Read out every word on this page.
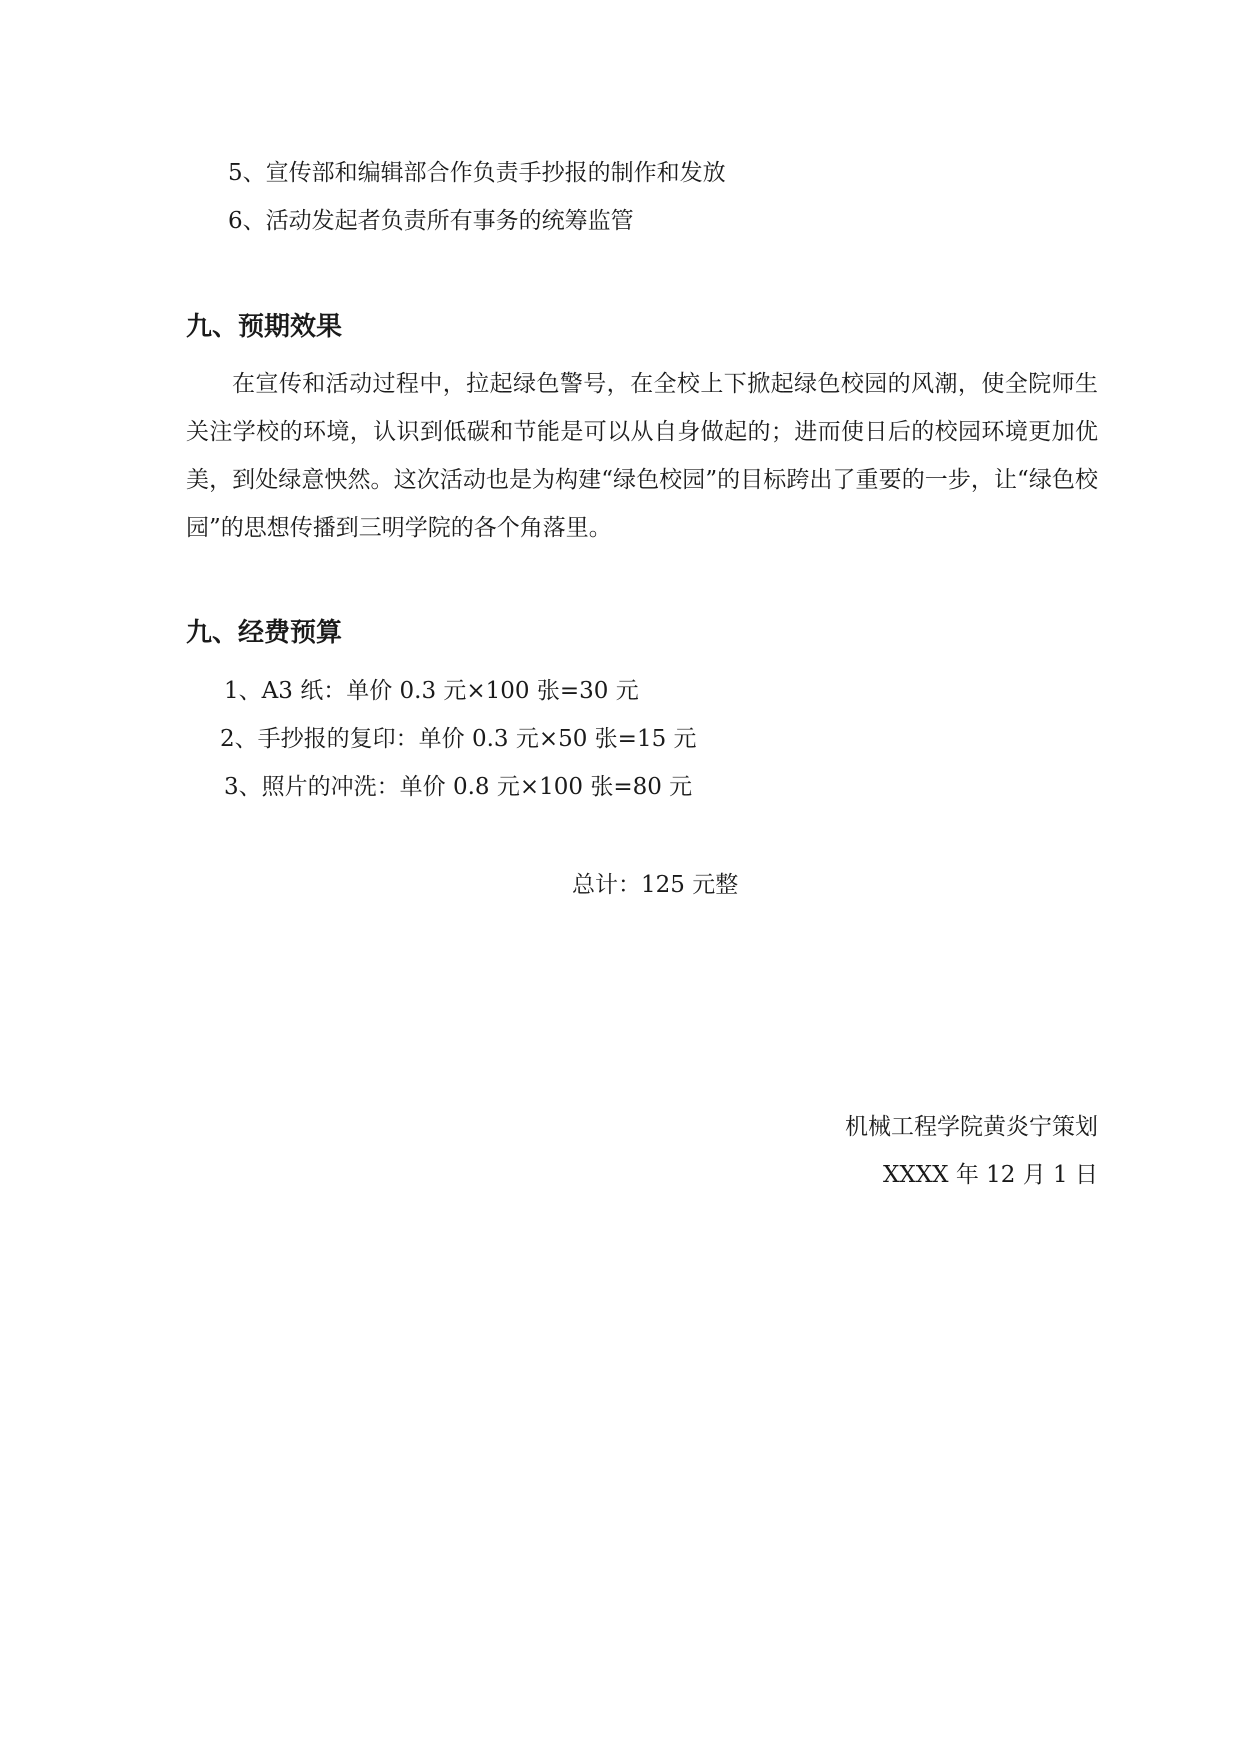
5、宣传部和编辑部合作负责手抄报的制作和发放
6、活动发起者负责所有事务的统筹监管
九、预期效果
在宣传和活动过程中，拉起绿色警号，在全校上下掀起绿色校园的风潮，使全院师生关注学校的环境，认识到低碳和节能是可以从自身做起的；进而使日后的校园环境更加优美，到处绿意怏然。这次活动也是为构建“绿色校园”的目标跨出了重要的一步，让“绿色校园”的思想传播到三明学院的各个角落里。
九、经费预算
1、A3 纸：单价 0.3 元×100 张=30 元
2、手抄报的复印：单价 0.3 元×50 张=15 元
3、照片的冲洗：单价 0.8 元×100 张=80 元
总计：125 元整
机械工程学院黄炎宁策划
XXXX 年 12 月 1 日
